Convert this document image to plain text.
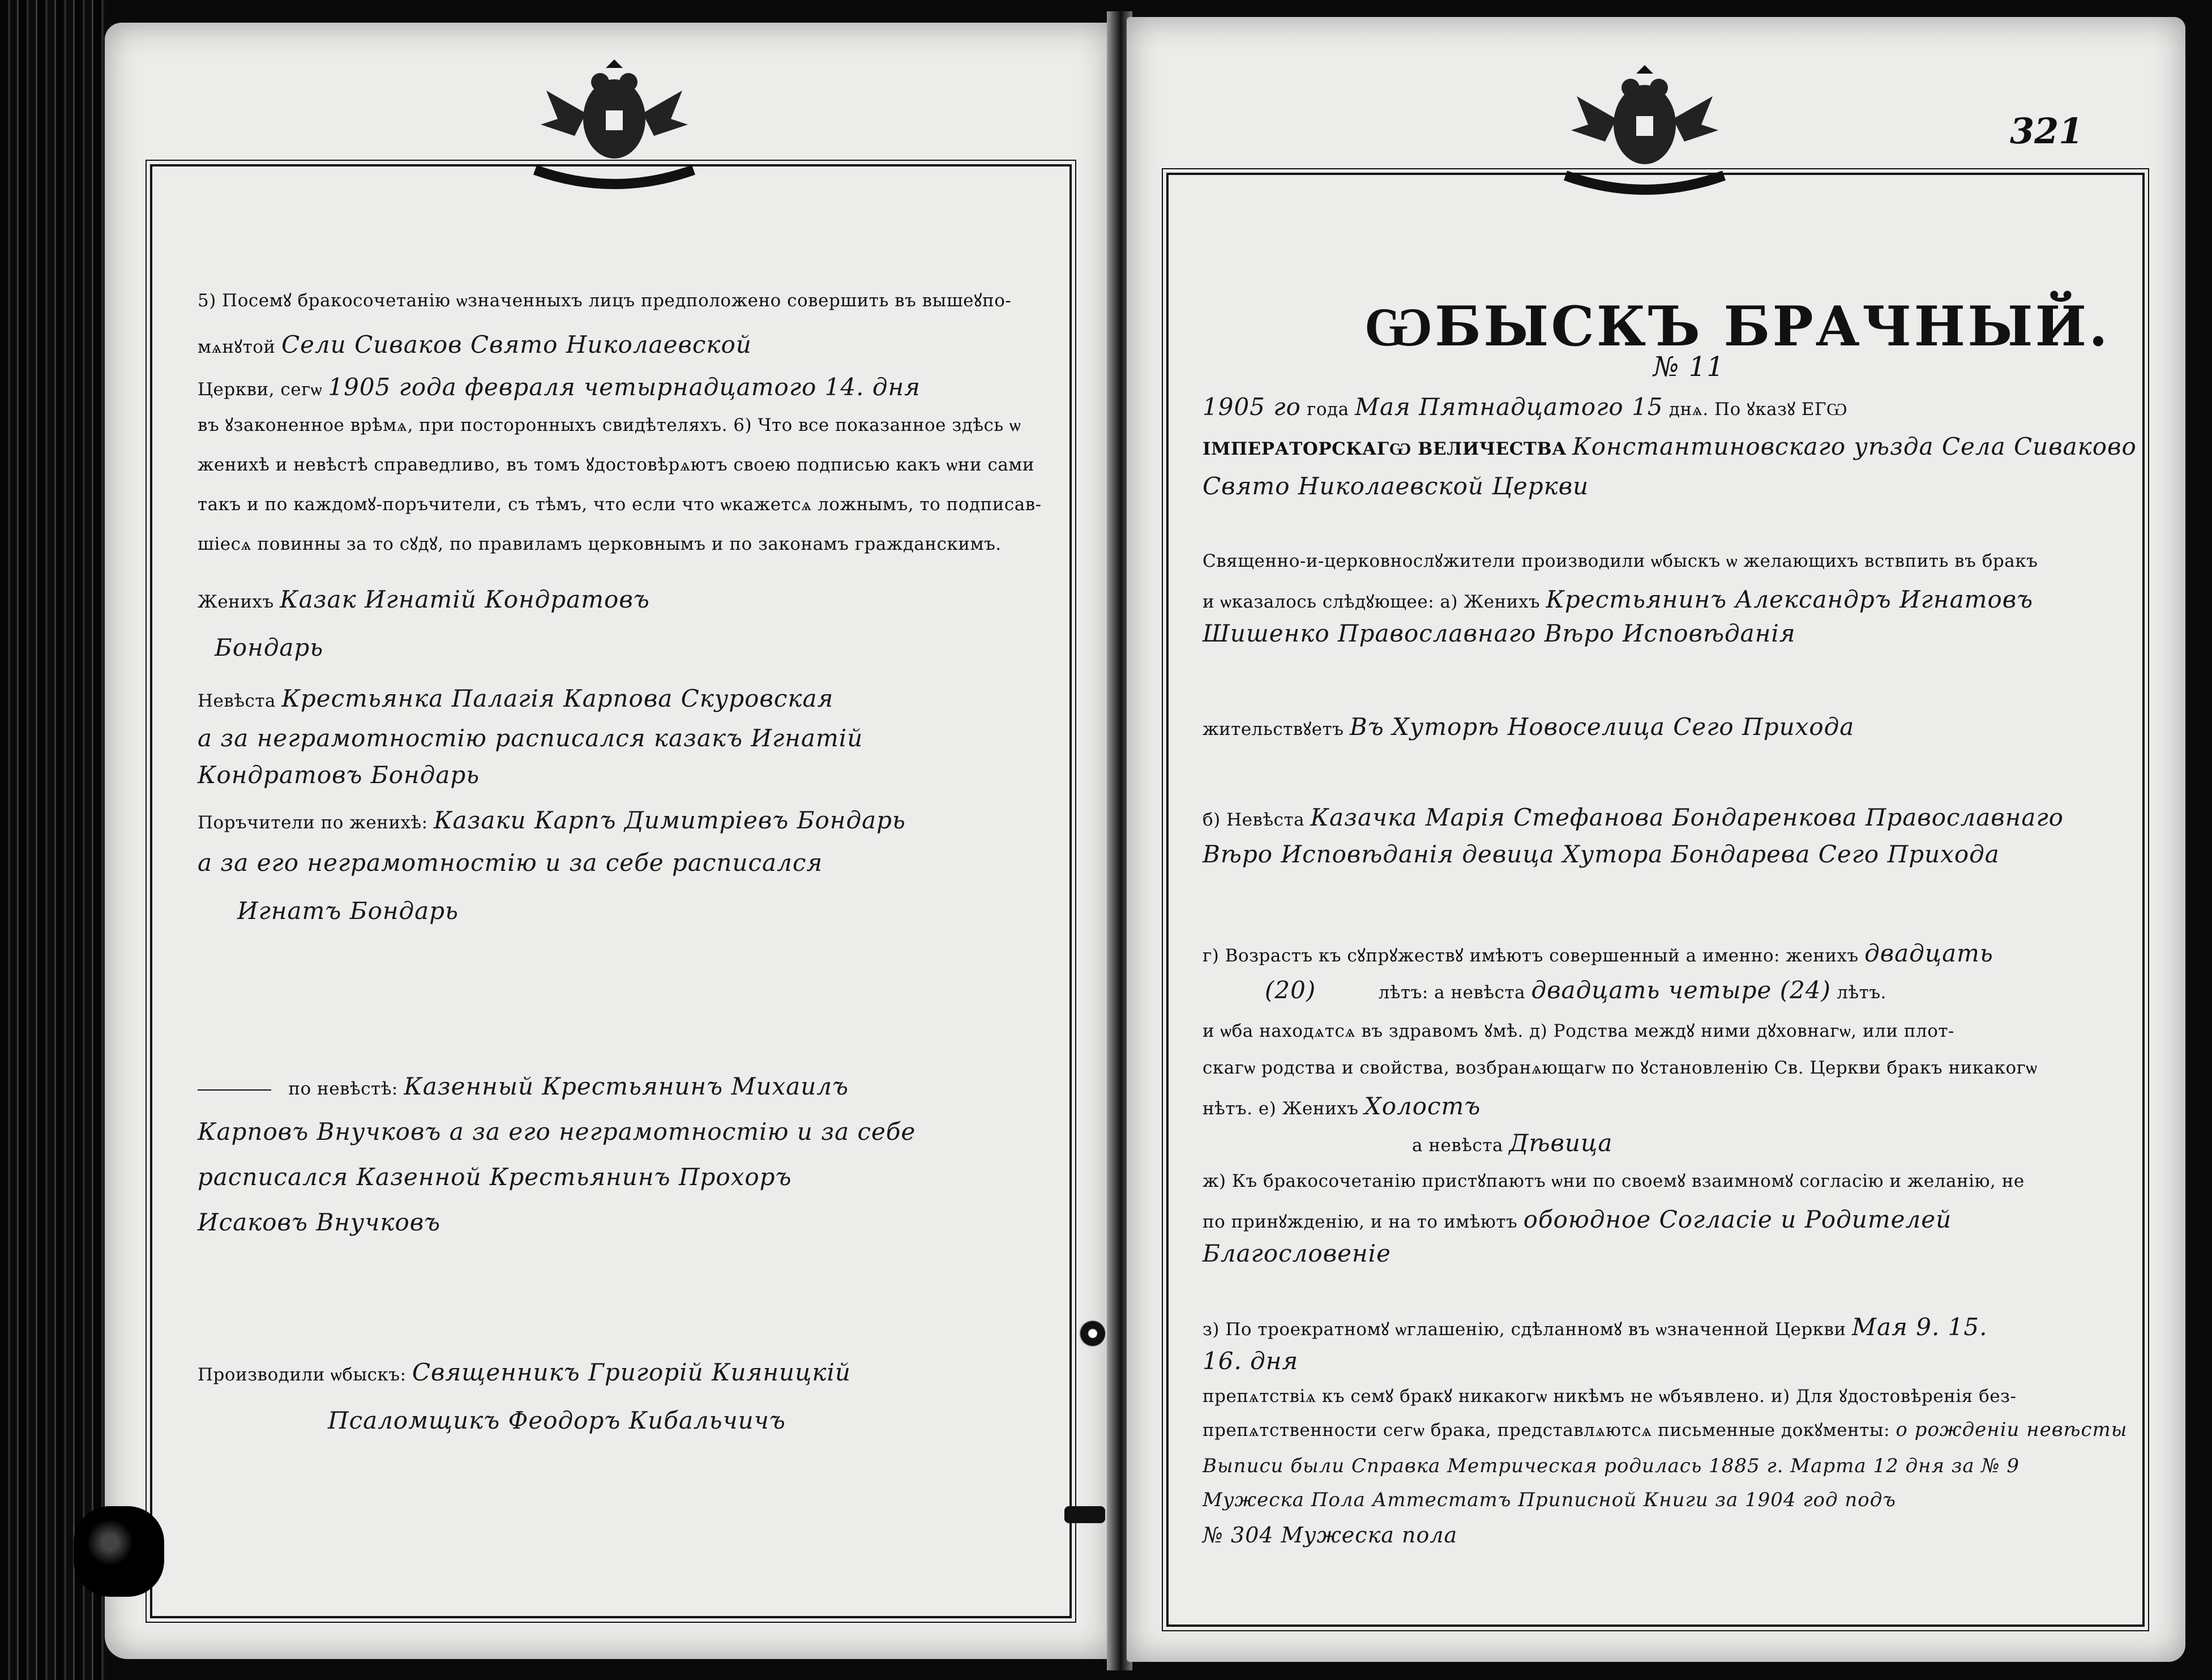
5) Посемꙋ бракосочетанію ѡзначенныхъ лицъ предположено совершить въ вышеꙋпо-
мѧнꙋтой Сели Сиваков Свято Николаевской
Церкви, сегѡ 1905 года февраля четырнадцатого 14. дня
въ ꙋзаконенное врѣмѧ, при посторонныхъ свидѣтеляхъ. 6) Что все показанное здѣсь ѡ
женихѣ и невѣстѣ справедливо, въ томъ ꙋдостовѣрѧютъ своею подписью какъ ѡни сами
такъ и по каждомꙋ-поръчители, съ тѣмъ, что если что ѡкажетсѧ ложнымъ, то подписав-
шіесѧ повинны за то сꙋдꙋ, по правиламъ церковнымъ и по законамъ гражданскимъ.
Женихъ Казак Игнатій Кондратовъ
Бондарь
Невѣста Крестьянка Палагія Карпова Скуровская
а за неграмотностію расписался казакъ Игнатій
Кондратовъ Бондарь
Поръчители по женихѣ: Казаки Карпъ Димитріевъ Бондарь
а за его неграмотностію и за себе расписался
Игнатъ Бондарь
по невѣстѣ: Казенный Крестьянинъ Михаилъ
Карповъ Внучковъ а за его неграмотностію и за себе
расписался Казенной Крестьянинъ Прохоръ
Исаковъ Внучковъ
Производили ѡбыскъ: Священникъ Григорій Кияницкій
Псаломщикъ Феодоръ Кибальчичъ
321
ѠБЫСКЪ БРАЧНЫЙ.
№ 11
1905 го года Мая Пятнадцатого 15 днѧ. По ꙋказꙋ ЕГѠ
ІМПЕРАТОРСКАГѠ ВЕЛИЧЕСТВА Константиновскаго уѣзда Села Сиваково
Свято Николаевской Церкви
Священно-и-церковнослꙋжители производили ѡбыскъ ѡ желающихъ вствпить въ бракъ
и ѡказалось слѣдꙋющее: а) Женихъ Крестьянинъ Александръ Игнатовъ
Шишенко Православнаго Вѣро Исповѣданія
жительствꙋетъ Въ Хуторѣ Новоселица Сего Прихода
б) Невѣста Казачка Марія Стефанова Бондаренкова Православнаго
Вѣро Исповѣданія девица Хутора Бондарева Сего Прихода
г) Возрастъ къ сꙋпрꙋжествꙋ имѣютъ совершенный а именно: женихъ двадцать
(20)	лѣтъ: а невѣста двадцать четыре (24) лѣтъ.
и ѡба находѧтсѧ въ здравомъ ꙋмѣ. д) Родства междꙋ ними дꙋховнагѡ, или плот-
скагѡ родства и свойства, возбранѧющагѡ по ꙋстановленію Св. Церкви бракъ никакогѡ
нѣтъ. е) Женихъ Холостъ
а невѣста Дѣвица
ж) Къ бракосочетанію пристꙋпаютъ ѡни по своемꙋ взаимномꙋ согласію и желанію, не
по принꙋжденію, и на то имѣютъ обоюдное Согласіе и Родителей
Благословеніе
з) По троекратномꙋ ѡглашенію, сдѣланномꙋ въ ѡзначенной Церкви Мая 9. 15.
16. дня
препѧтствіѧ къ семꙋ бракꙋ никакогѡ никѣмъ не ѡбъявлено. и) Для ꙋдостовѣренія без-
препѧтственности сегѡ брака, представлѧютсѧ письменные докꙋменты: о рожденіи невѣсты
Выписи были Справка Метрическая родилась 1885 г. Марта 12 дня за № 9
Мужеска Пола Аттестатъ Приписной Книги за 1904 год подъ
№ 304 Мужеска пола
